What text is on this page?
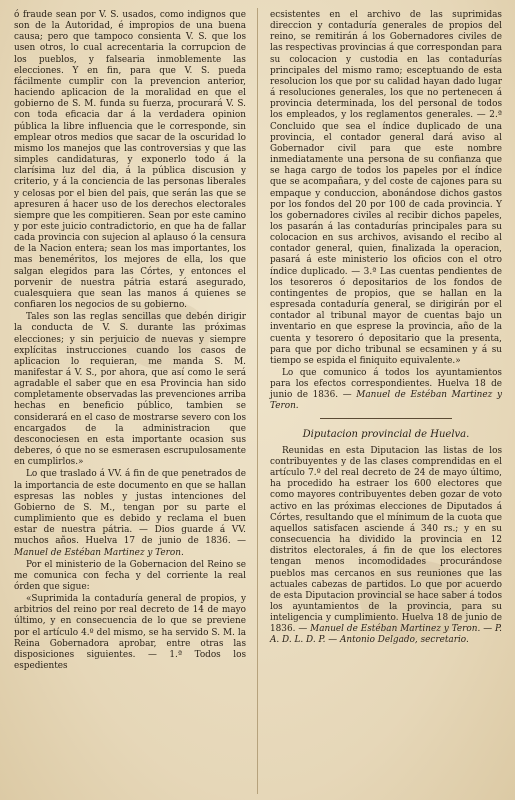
ó fraude sean por V. S. usados, como indignos que son de la Autoridad, é impropios de una buena causa; pero que tampoco consienta V. S. que los usen otros, lo cual acrecentaria la corrupcion de los pueblos, y falsearia inmoblemente las elecciones. Y en fin, para que V. S. pueda fácilmente cumplir con la prevencion anterior, haciendo aplicacion de la moralidad en que el gobierno de S. M. funda su fuerza, procurará V. S. con toda eficacia dar á la verdadera opinion pública la libre influencia que le corresponde, sin emplear otros medios que sacar de la oscuridad lo mismo los manejos que las controversias y que las simples candidaturas, y exponerlo todo á la clarísima luz del dia, á la pública discusion y criterio, y á la conciencia de las personas liberales y celosas por el bien del pais, que serán las que se apresuren á hacer uso de los derechos electorales siempre que les compitieren. Sean por este camino y por este juicio contradictorio, en que ha de fallar cada provincia con sujecion al aplauso ó la censura de la Nacion entera; sean los mas importantes, los mas beneméritos, los mejores de ella, los que salgan elegidos para las Córtes, y entonces el porvenir de nuestra pátria estará asegurado, cualesquiera que sean las manos á quienes se confiaren los negocios de su gobierno.

Tales son las reglas sencillas que debén dirigir la conducta de V. S. durante las próximas elecciones; y sin perjuicio de nuevas y siempre explícitas instrucciones cuando los casos de aplicacion lo requieran, me manda S. M. manifestar á V. S., por ahora, que así como le será agradable el saber que en esa Provincia han sido completamente observadas las prevenciones arriba hechas en beneficio público, tambien se considerará en el caso de mostrarse severo con los encargados de la administracion que desconociesen en esta importante ocasion sus deberes, ó que no se esmerasen escrupulosamente en cumplirlos.»

Lo que traslado á VV. á fin de que penetrados de la importancia de este documento en que se hallan espresas las nobles y justas intenciones del Gobierno de S. M., tengan por su parte el cumplimiento que es debido y reclama el buen estar de nuestra pátria. — Dios guarde á VV. muchos años. Huelva 17 de junio de 1836. — Manuel de Estéban Martinez y Teron.

Por el ministerio de la Gobernacion del Reino se me comunica con fecha y del corriente la real órden que sigue:

«Suprimida la contaduría general de propios, y arbitrios del reino por real decreto de 14 de mayo último, y en consecuencia de lo que se previene por el artículo 4.º del mismo, se ha servido S. M. la Reina Gobernadora aprobar, entre otras las disposiciones siguientes. — 1.ª Todos los espedientes

ecsistentes en el archivo de las suprimidas direccion y contaduría generales de propios del reino, se remitirán á los Gobernadores civiles de las respectivas provincias á que correspondan para su colocacion y custodia en las contadurías principales del mismo ramo; esceptuando de esta resolucion los que por su calidad hayan dado lugar á resoluciones generales, los que no pertenecen á provincia determinada, los del personal de todos los empleados, y los reglamentos generales. — 2.ª Concluido que sea el índice duplicado de una provincia, el contador general dará aviso al Gobernador civil para que este nombre inmediatamente una persona de su confianza que se haga cargo de todos los papeles por el índice que se acompañara, y del coste de cajones para su empaque y conduccion, abonándose dichos gastos por los fondos del 20 por 100 de cada provincia. Y los gobernadores civiles al recibir dichos papeles, los pasarán á las contadurías principales para su colocacion en sus archivos, avisando el recibo al contador general, quien, finalizada la operacion, pasará á este ministerio los oficios con el otro índice duplicado. — 3.ª Las cuentas pendientes de los tesoreros ó depositarios de los fondos de contingentes de propios, que se hallan en la espresada contaduría general, se dirigirán por el contador al tribunal mayor de cuentas bajo un inventario en que esprese la provincia, año de la cuenta y tesorero ó depositario que la presenta, para que por dicho tribunal se ecsaminen y á su tiempo se espida el finiquito equivalente.»

Lo que comunico á todos los ayuntamientos para los efectos correspondientes. Huelva 18 de junio de 1836. — Manuel de Estéban Martinez y Teron.

Diputacion provincial de Huelva.

Reunidas en esta Diputacion las listas de los contribuyentes y de las clases comprendidas en el artículo 7.º del real decreto de 24 de mayo último, ha procedido ha estraer los 600 electores que como mayores contribuyentes deben gozar de voto activo en las próximas elecciones de Diputados á Córtes, resultando que el mínimum de la cuota que aquellos satisfacen asciende á 340 rs.; y en su consecuencia ha dividido la provincia en 12 distritos electorales, á fin de que los electores tengan menos incomodidades procurándose pueblos mas cercanos en sus reuniones que las actuales cabezas de partidos. Lo que por acuerdo de esta Diputacion provincial se hace saber á todos los ayuntamientos de la provincia, para su inteligencia y cumplimiento. Huelva 18 de junio de 1836. — Manuel de Estéban Martinez y Teron. — P. A. D. L. D. P. — Antonio Delgado, secretario.
